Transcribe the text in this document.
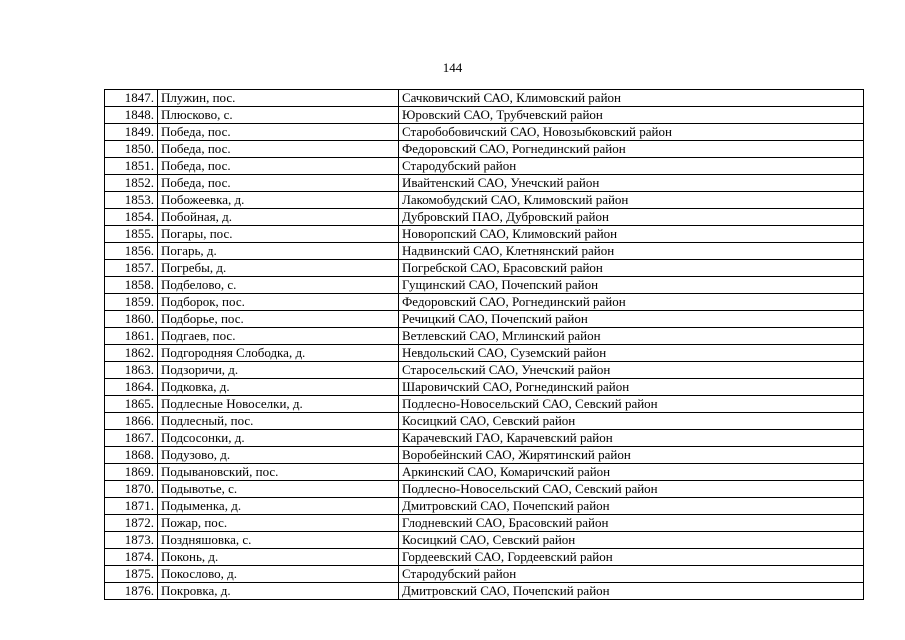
144
1847.	Плужин, пос.	Сачковичский САО, Климовский район
1848.	Плюсково, с.	Юровский САО, Трубчевский район
1849.	Победа, пос.	Старобобовичский САО, Новозыбковский район
1850.	Победа, пос.	Федоровский САО, Рогнединский район
1851.	Победа, пос.	Стародубский район
1852.	Победа, пос.	Ивайтенский САО, Унечский район
1853.	Побожеевка, д.	Лакомобудский САО, Климовский район
1854.	Побойная, д.	Дубровский ПАО, Дубровский район
1855.	Погары, пос.	Новоропский САО, Климовский район
1856.	Погарь, д.	Надвинский САО, Клетнянский район
1857.	Погребы, д.	Погребской САО, Брасовский район
1858.	Подбелово, с.	Гущинский САО, Почепский район
1859.	Подборок, пос.	Федоровский САО, Рогнединский район
1860.	Подборье, пос.	Речицкий САО, Почепский район
1861.	Подгаев, пос.	Ветлевский САО, Мглинский район
1862.	Подгородняя Слободка, д.	Невдольский САО, Суземский район
1863.	Подзоричи, д.	Старосельский САО, Унечский район
1864.	Подковка, д.	Шаровичский САО, Рогнединский район
1865.	Подлесные Новоселки, д.	Подлесно-Новосельский САО, Севский район
1866.	Подлесный, пос.	Косицкий САО, Севский район
1867.	Подсосонки, д.	Карачевский ГАО, Карачевский район
1868.	Подузово, д.	Воробейнский САО, Жирятинский район
1869.	Подывановский, пос.	Аркинский САО, Комаричский район
1870.	Подывотье, с.	Подлесно-Новосельский САО, Севский район
1871.	Подыменка, д.	Дмитровский САО, Почепский район
1872.	Пожар, пос.	Глодневский САО, Брасовский район
1873.	Поздняшовка, с.	Косицкий САО, Севский район
1874.	Поконь, д.	Гордеевский САО, Гордеевский район
1875.	Покослово, д.	Стародубский район
1876.	Покровка, д.	Дмитровский САО, Почепский район
